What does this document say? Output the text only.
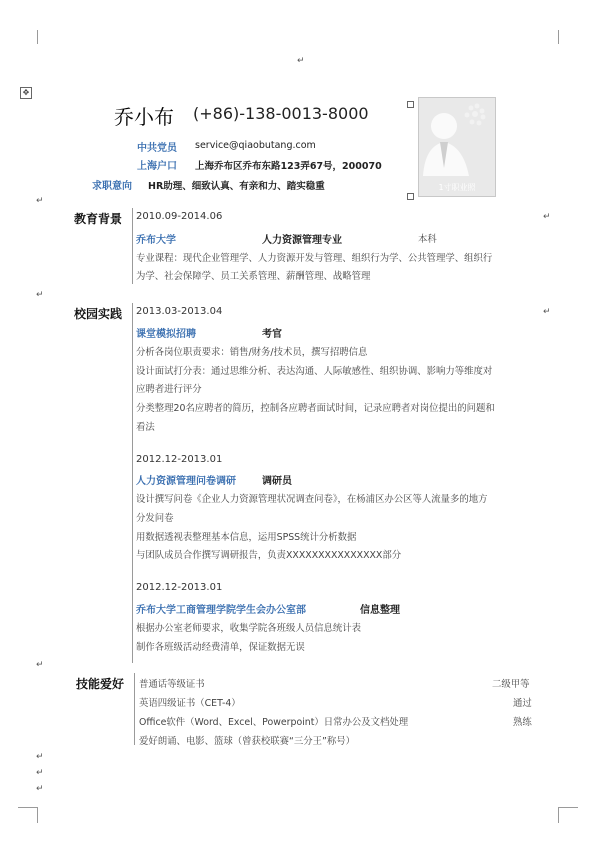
✥
↵
↵
↵
↵
↵
↵
↵
↵
↵
乔小布 (+86)-138-0013-8000
中共党员 service@qiaobutang.com
上海户口 上海乔布区乔布东路123弄67号，200070
求职意向 HR助理、细致认真、有亲和力、踏实稳重	1寸职业照
教育背景 2010.09-2014.06
乔布大学	人力资源管理专业	本科
专业课程：现代企业管理学、人力资源开发与管理、组织行为学、公共管理学、组织行
为学、社会保障学、员工关系管理、薪酬管理、战略管理
校园实践 2013.03-2013.04
课堂模拟招聘	考官
分析各岗位职责要求：销售/财务/技术员，撰写招聘信息
设计面试打分表：通过思维分析、表达沟通、人际敏感性、组织协调、影响力等维度对
应聘者进行评分
分类整理20名应聘者的简历，控制各应聘者面试时间，记录应聘者对岗位提出的问题和
看法
2012.12-2013.01
人力资源管理问卷调研	调研员
设计撰写问卷《企业人力资源管理状况调查问卷》，在杨浦区办公区等人流量多的地方
分发问卷
用数据透视表整理基本信息，运用SPSS统计分析数据
与团队成员合作撰写调研报告，负责XXXXXXXXXXXXXXX部分
2012.12-2013.01
乔布大学工商管理学院学生会办公室部	信息整理
根据办公室老师要求，收集学院各班级人员信息统计表
制作各班级活动经费清单，保证数据无误
技能爱好 普通话等级证书	二级甲等
英语四级证书（CET-4）	通过
Office软件（Word、Excel、Powerpoint）日常办公及文档处理	熟练
爱好朗诵、电影、篮球（曾获校联赛“三分王”称号）
